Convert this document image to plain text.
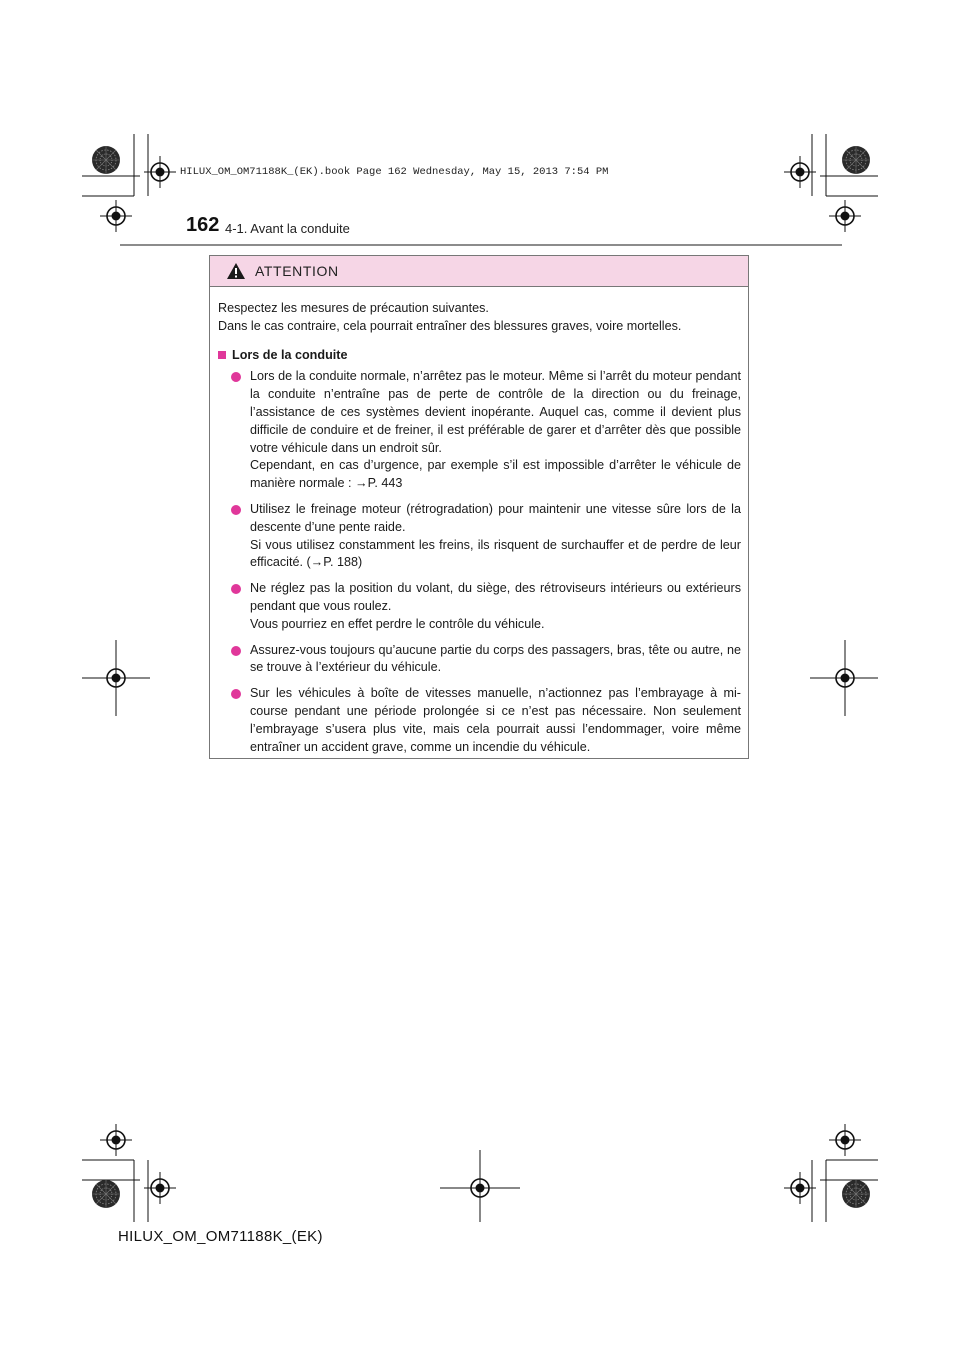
HILUX_OM_OM71188K_(EK).book Page 162 Wednesday, May 15, 2013 7:54 PM
162 4-1. Avant la conduite
ATTENTION

Respectez les mesures de précaution suivantes.

Dans le cas contraire, cela pourrait entraîner des blessures graves, voire mortelles.

Lors de la conduite

Lors de la conduite normale, n’arrêtez pas le moteur. Même si l’arrêt du moteur pendant la conduite n’entraîne pas de perte de contrôle de la direction ou du freinage, l’assistance de ces systèmes devient inopérante. Auquel cas, comme il devient plus difficile de conduire et de freiner, il est préférable de garer et d’arrêter dès que possible votre véhicule dans un endroit sûr.

Cependant, en cas d’urgence, par exemple s’il est impossible d’arrêter le véhicule de manière normale : →P. 443

Utilisez le freinage moteur (rétrogradation) pour maintenir une vitesse sûre lors de la descente d’une pente raide.

Si vous utilisez constamment les freins, ils risquent de surchauffer et de perdre de leur efficacité. (→P. 188)

Ne réglez pas la position du volant, du siège, des rétroviseurs intérieurs ou extérieurs pendant que vous roulez.

Vous pourriez en effet perdre le contrôle du véhicule.

Assurez-vous toujours qu’aucune partie du corps des passagers, bras, tête ou autre, ne se trouve à l’extérieur du véhicule.

Sur les véhicules à boîte de vitesses manuelle, n’actionnez pas l’embrayage à mi-course pendant une période prolongée si ce n’est pas nécessaire. Non seulement l’embrayage s’usera plus vite, mais cela pourrait aussi l’endommager, voire même entraîner un accident grave, comme un incendie du véhicule.

HILUX_OM_OM71188K_(EK)
